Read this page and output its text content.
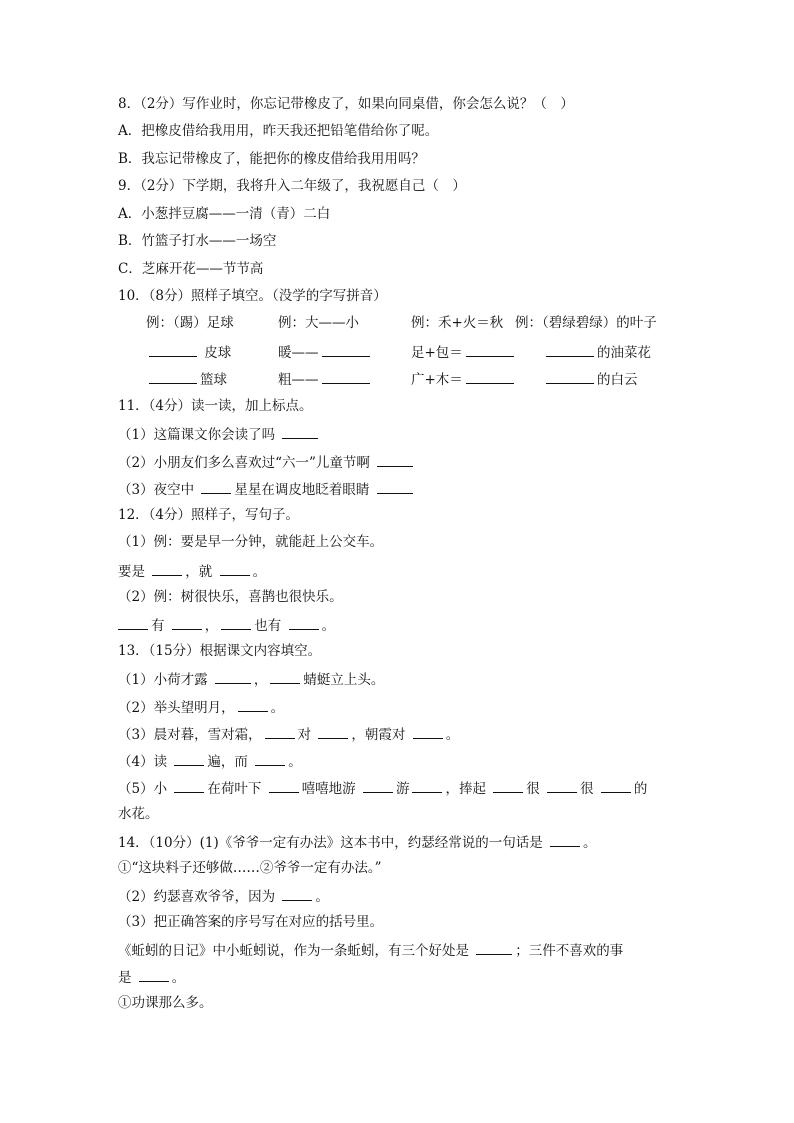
8．（2分）写作业时，你忘记带橡皮了，如果向同桌借，你会怎么说？（　）
A．把橡皮借给我用用，昨天我还把铅笔借给你了呢。
B．我忘记带橡皮了，能把你的橡皮借给我用用吗？
9．（2分）下学期，我将升入二年级了，我祝愿自己（　）
A．小葱拌豆腐——一清（青）二白
B．竹篮子打水——一场空
C．芝麻开花——节节高
10．（8分）照样子填空。（没学的字写拼音）
例：（踢）足球	例：大——小	例：禾+火＝秋 例：（碧绿碧绿）的叶子
皮球	暖——	足+包＝	的油菜花
篮球	粗——	广+木＝	的白云
11．（4分）读一读，加上标点。
（1）这篇课文你会读了吗
（2）小朋友们多么喜欢过“六一”儿童节啊
（3）夜空中	星星在调皮地眨着眼睛
12．（4分）照样子，写句子。
（1）例：要是早一分钟，就能赶上公交车。
要是	，就	。
（2）例：树很快乐，喜鹊也很快乐。
有	，	也有	。
13．（15分）根据课文内容填空。
（1）小荷才露	，	蜻蜓立上头。
（2）举头望明月，	。
（3）晨对暮，雪对霜，	对	，朝霞对	。
（4）读	遍，而	。
（5）小	在荷叶下	嘻嘻地游	游	，捧起	很	很	的
水花。
14．（10分）(1)《爷爷一定有办法》这本书中，约瑟经常说的一句话是	。
①“这块料子还够做……②爷爷一定有办法。”
（2）约瑟喜欢爷爷，因为	。
（3）把正确答案的序号写在对应的括号里。
《蚯蚓的日记》中小蚯蚓说，作为一条蚯蚓，有三个好处是	；三件不喜欢的事
是	。
①功课那么多。
